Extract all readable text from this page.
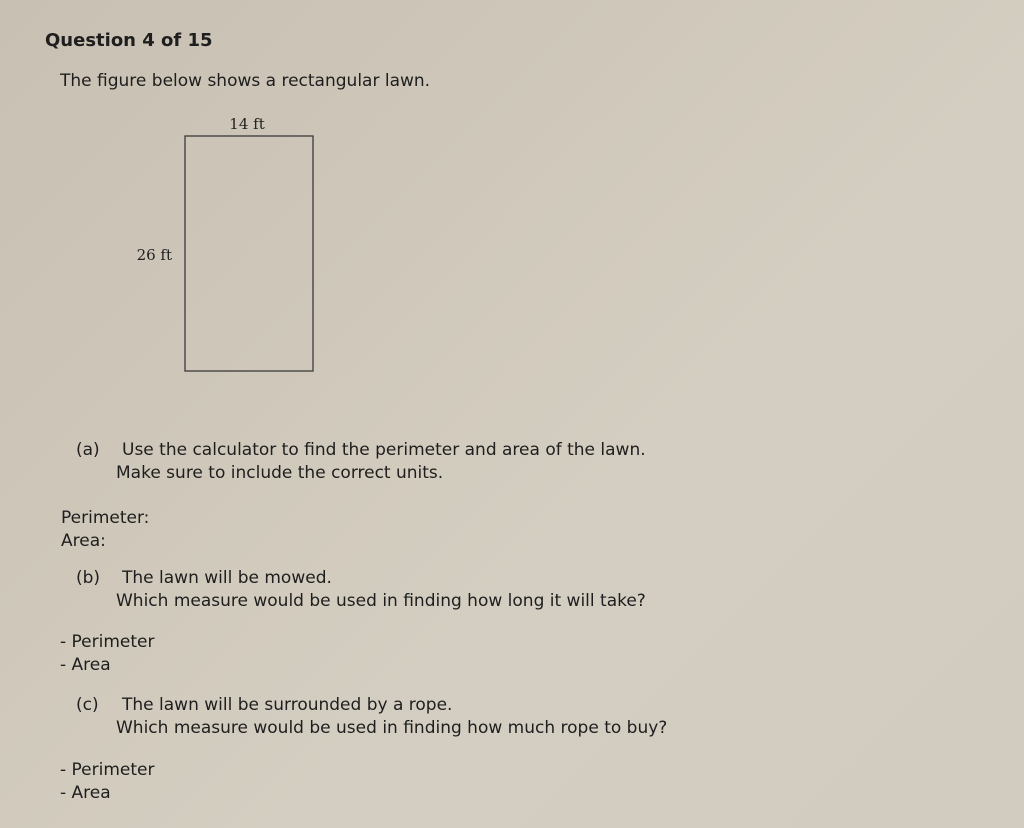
Question 4 of 15
The figure below shows a rectangular lawn.
14 ft
26 ft
(a) Use the calculator to find the perimeter and area of the lawn.
Make sure to include the correct units.
Perimeter:
Area:
(b) The lawn will be mowed.
Which measure would be used in finding how long it will take?
- Perimeter
- Area
(c) The lawn will be surrounded by a rope.
Which measure would be used in finding how much rope to buy?
- Perimeter
- Area
